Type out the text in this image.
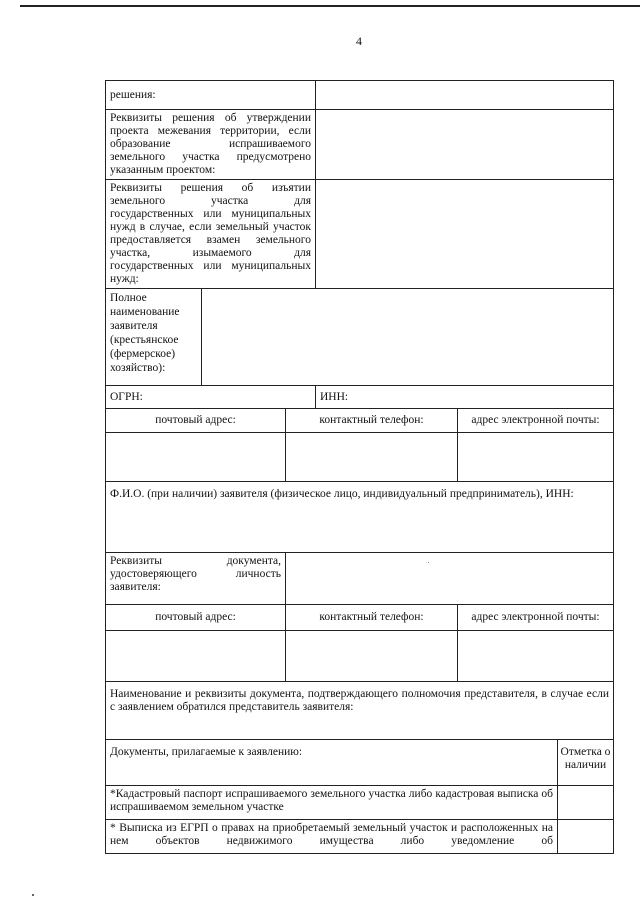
4
решения:					
Реквизиты решения об утверждении проекта межевания территории, если образование испрашиваемого земельного участка предусмотрено указанным проектом:					
Реквизиты решения об изъятии земельного участка для государственных или муниципальных нужд в случае, если земельный участок предоставляется взамен земельного участка, изымаемого для государственных или муниципальных нужд:					
Полное наименование заявителя (крестьянское (фермерское) хозяйство):					
ОГРН:			ИНН:		
почтовый адрес:		контактный телефон:		адрес электронной почты:	

Ф.И.О. (при наличии) заявителя (физическое лицо, индивидуальный предприниматель), ИНН:					
Реквизиты документа, удостоверяющего личность заявителя:					
почтовый адрес:		контактный телефон:		адрес электронной почты:	

Наименование и реквизиты документа, подтверждающего полномочия представителя, в случае если с заявлением обратился представитель заявителя:					
Документы, прилагаемые к заявлению:					Отметка о наличии
*Кадастровый паспорт испрашиваемого земельного участка либо кадастровая выписка об испрашиваемом земельном участке					
* Выписка из ЕГРП о правах на приобретаемый земельный участок и расположенных на нем объектов недвижимого имущества либо уведомление об					
